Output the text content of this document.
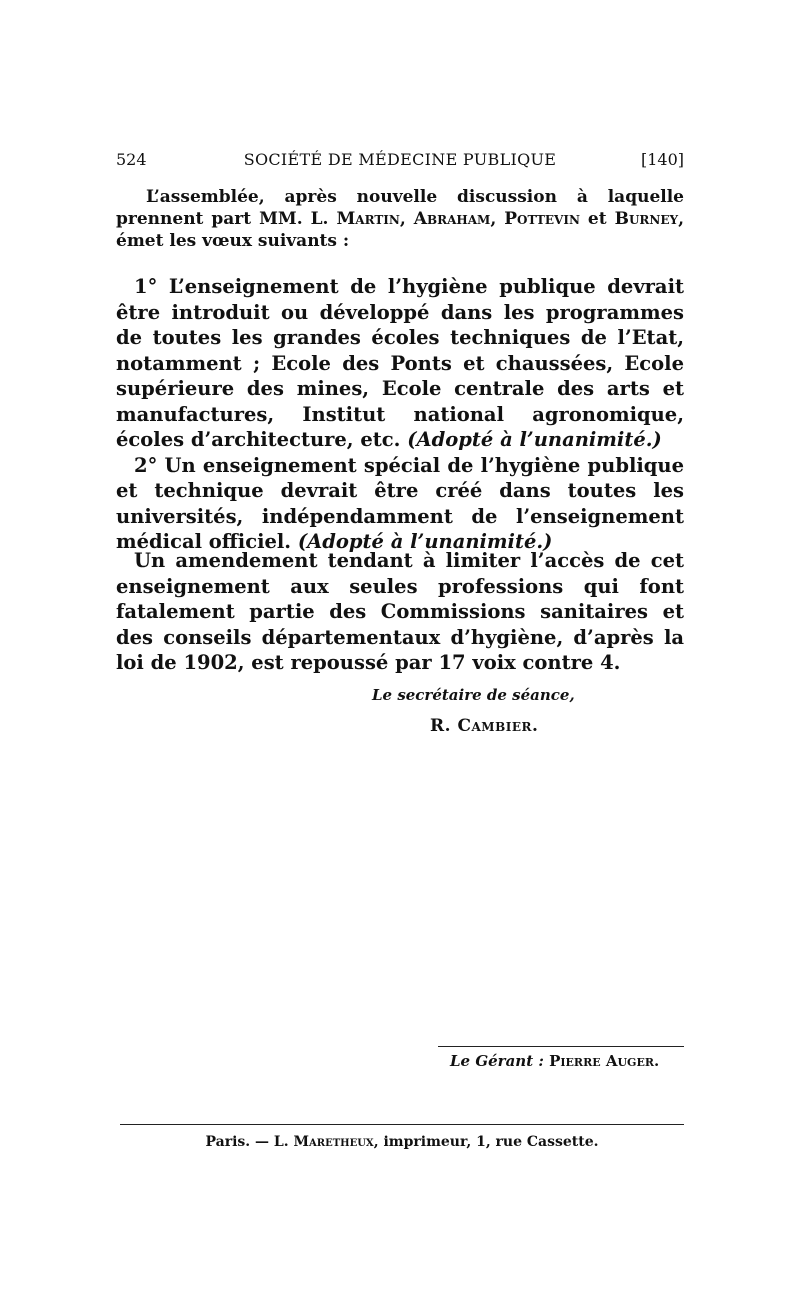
524	SOCIÉTÉ DE MÉDECINE PUBLIQUE	[140]
L’assemblée, après nouvelle discussion à laquelle prennent part MM. L. Martin, Abraham, Pottevin et Burney, émet les vœux suivants :

1° L’enseignement de l’hygiène publique devrait être introduit ou développé dans les programmes de toutes les grandes écoles techniques de l’Etat, notamment ; Ecole des Ponts et chaussées, Ecole supérieure des mines, Ecole centrale des arts et manufactures, Institut national agronomique, écoles d’architecture, etc. (Adopté à l’unanimité.)

2° Un enseignement spécial de l’hygiène publique et technique devrait être créé dans toutes les universités, indépendamment de l’enseignement médical officiel. (Adopté à l’unanimité.)

Un amendement tendant à limiter l’accès de cet enseignement aux seules professions qui font fatalement partie des Commissions sanitaires et des conseils départementaux d’hygiène, d’après la loi de 1902, est repoussé par 17 voix contre 4.

Le secrétaire de séance,
R. Cambier.
Le Gérant : Pierre Auger.
Paris. — L. Maretheux, imprimeur, 1, rue Cassette.
